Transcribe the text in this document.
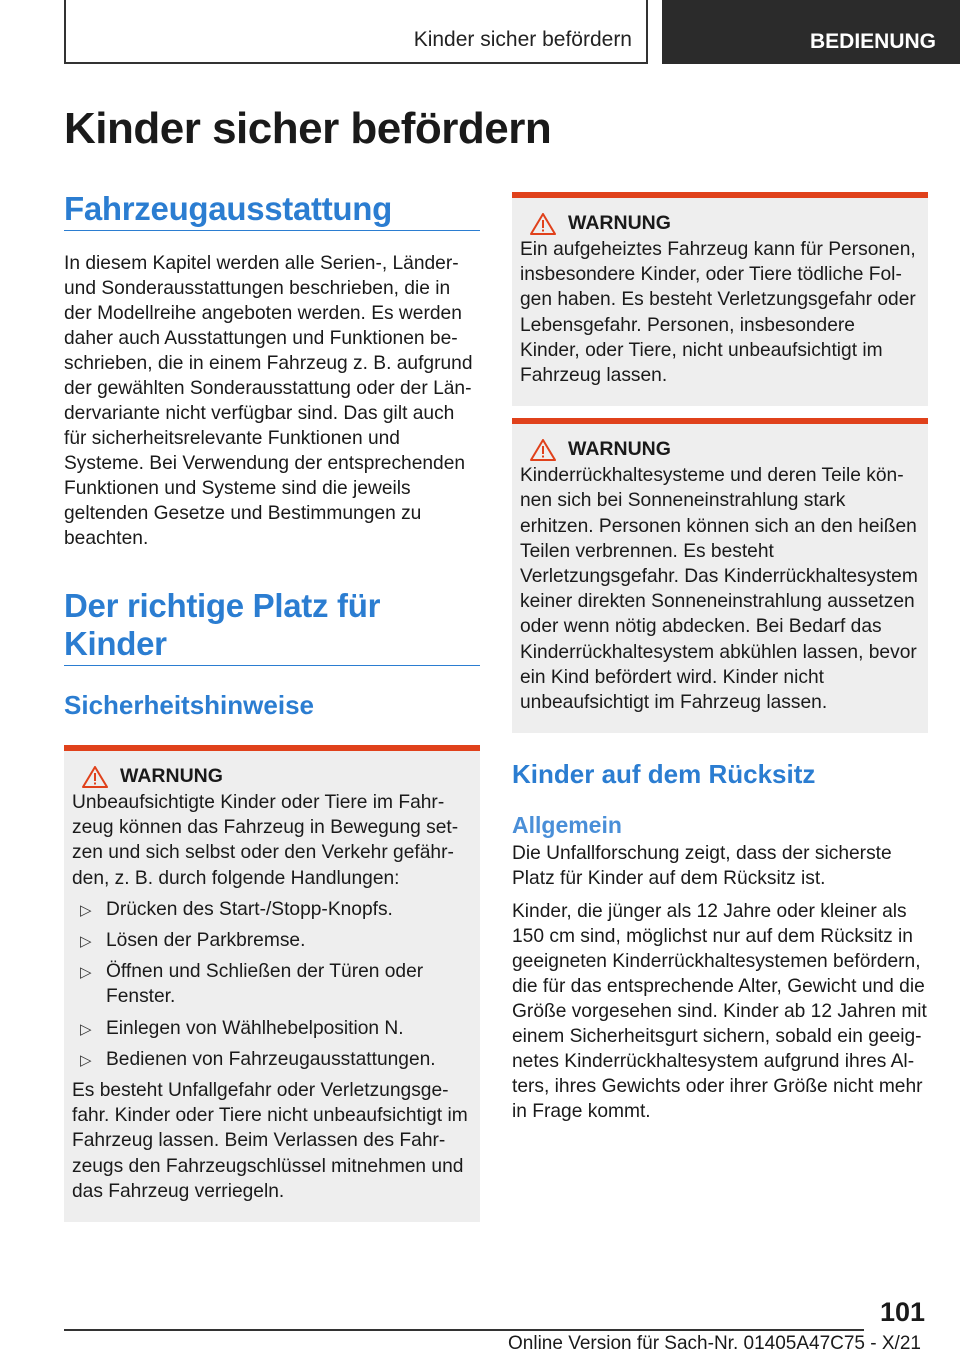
Kinder sicher befördern	BEDIENUNG
Kinder sicher befördern
Fahrzeugausstattung

In diesem Kapitel werden alle Serien-, Länder- und Sonderausstattungen beschrieben, die in der Modellreihe angeboten werden. Es werden daher auch Ausstattungen und Funktionen beschrieben, die in einem Fahrzeug z. B. aufgrund der gewählten Sonderausstattung oder der Ländervariante nicht verfügbar sind. Das gilt auch für sicherheitsrelevante Funktionen und Systeme. Bei Verwendung der entsprechenden Funktionen und Systeme sind die jeweils geltenden Gesetze und Bestimmungen zu beachten.

Der richtige Platz für Kinder
Sicherheitshinweise
WARNUNG

Unbeaufsichtigte Kinder oder Tiere im Fahrzeug können das Fahrzeug in Bewegung setzen und sich selbst oder den Verkehr gefährden, z. B. durch folgende Handlungen:

▷ Drücken des Start-/Stopp-Knopfs.
▷ Lösen der Parkbremse.
▷ Öffnen und Schließen der Türen oder Fenster.
▷ Einlegen von Wählhebelposition N.
▷ Bedienen von Fahrzeugausstattungen.

Es besteht Unfallgefahr oder Verletzungsgefahr. Kinder oder Tiere nicht unbeaufsichtigt im Fahrzeug lassen. Beim Verlassen des Fahrzeugs den Fahrzeugschlüssel mitnehmen und das Fahrzeug verriegeln.

WARNUNG

Ein aufgeheiztes Fahrzeug kann für Personen, insbesondere Kinder, oder Tiere tödliche Folgen haben. Es besteht Verletzungsgefahr oder Lebensgefahr. Personen, insbesondere Kinder, oder Tiere, nicht unbeaufsichtigt im Fahrzeug lassen.

WARNUNG

Kinderrückhaltesysteme und deren Teile können sich bei Sonneneinstrahlung stark erhitzen. Personen können sich an den heißen Teilen verbrennen. Es besteht Verletzungsgefahr. Das Kinderrückhaltesystem keiner direkten Sonneneinstrahlung aussetzen oder wenn nötig abdecken. Bei Bedarf das Kinderrückhaltesystem abkühlen lassen, bevor ein Kind befördert wird. Kinder nicht unbeaufsichtigt im Fahrzeug lassen.

Kinder auf dem Rücksitz
Allgemein

Die Unfallforschung zeigt, dass der sicherste Platz für Kinder auf dem Rücksitz ist.

Kinder, die jünger als 12 Jahre oder kleiner als 150 cm sind, möglichst nur auf dem Rücksitz in geeigneten Kinderrückhaltesystemen befördern, die für das entsprechende Alter, Gewicht und die Größe vorgesehen sind. Kinder ab 12 Jahren mit einem Sicherheitsgurt sichern, sobald ein geeignetes Kinderrückhaltesystem aufgrund ihres Alters, ihres Gewichts oder ihrer Größe nicht mehr in Frage kommt.

101
Online Version für Sach-Nr. 01405A47C75 - X/21
